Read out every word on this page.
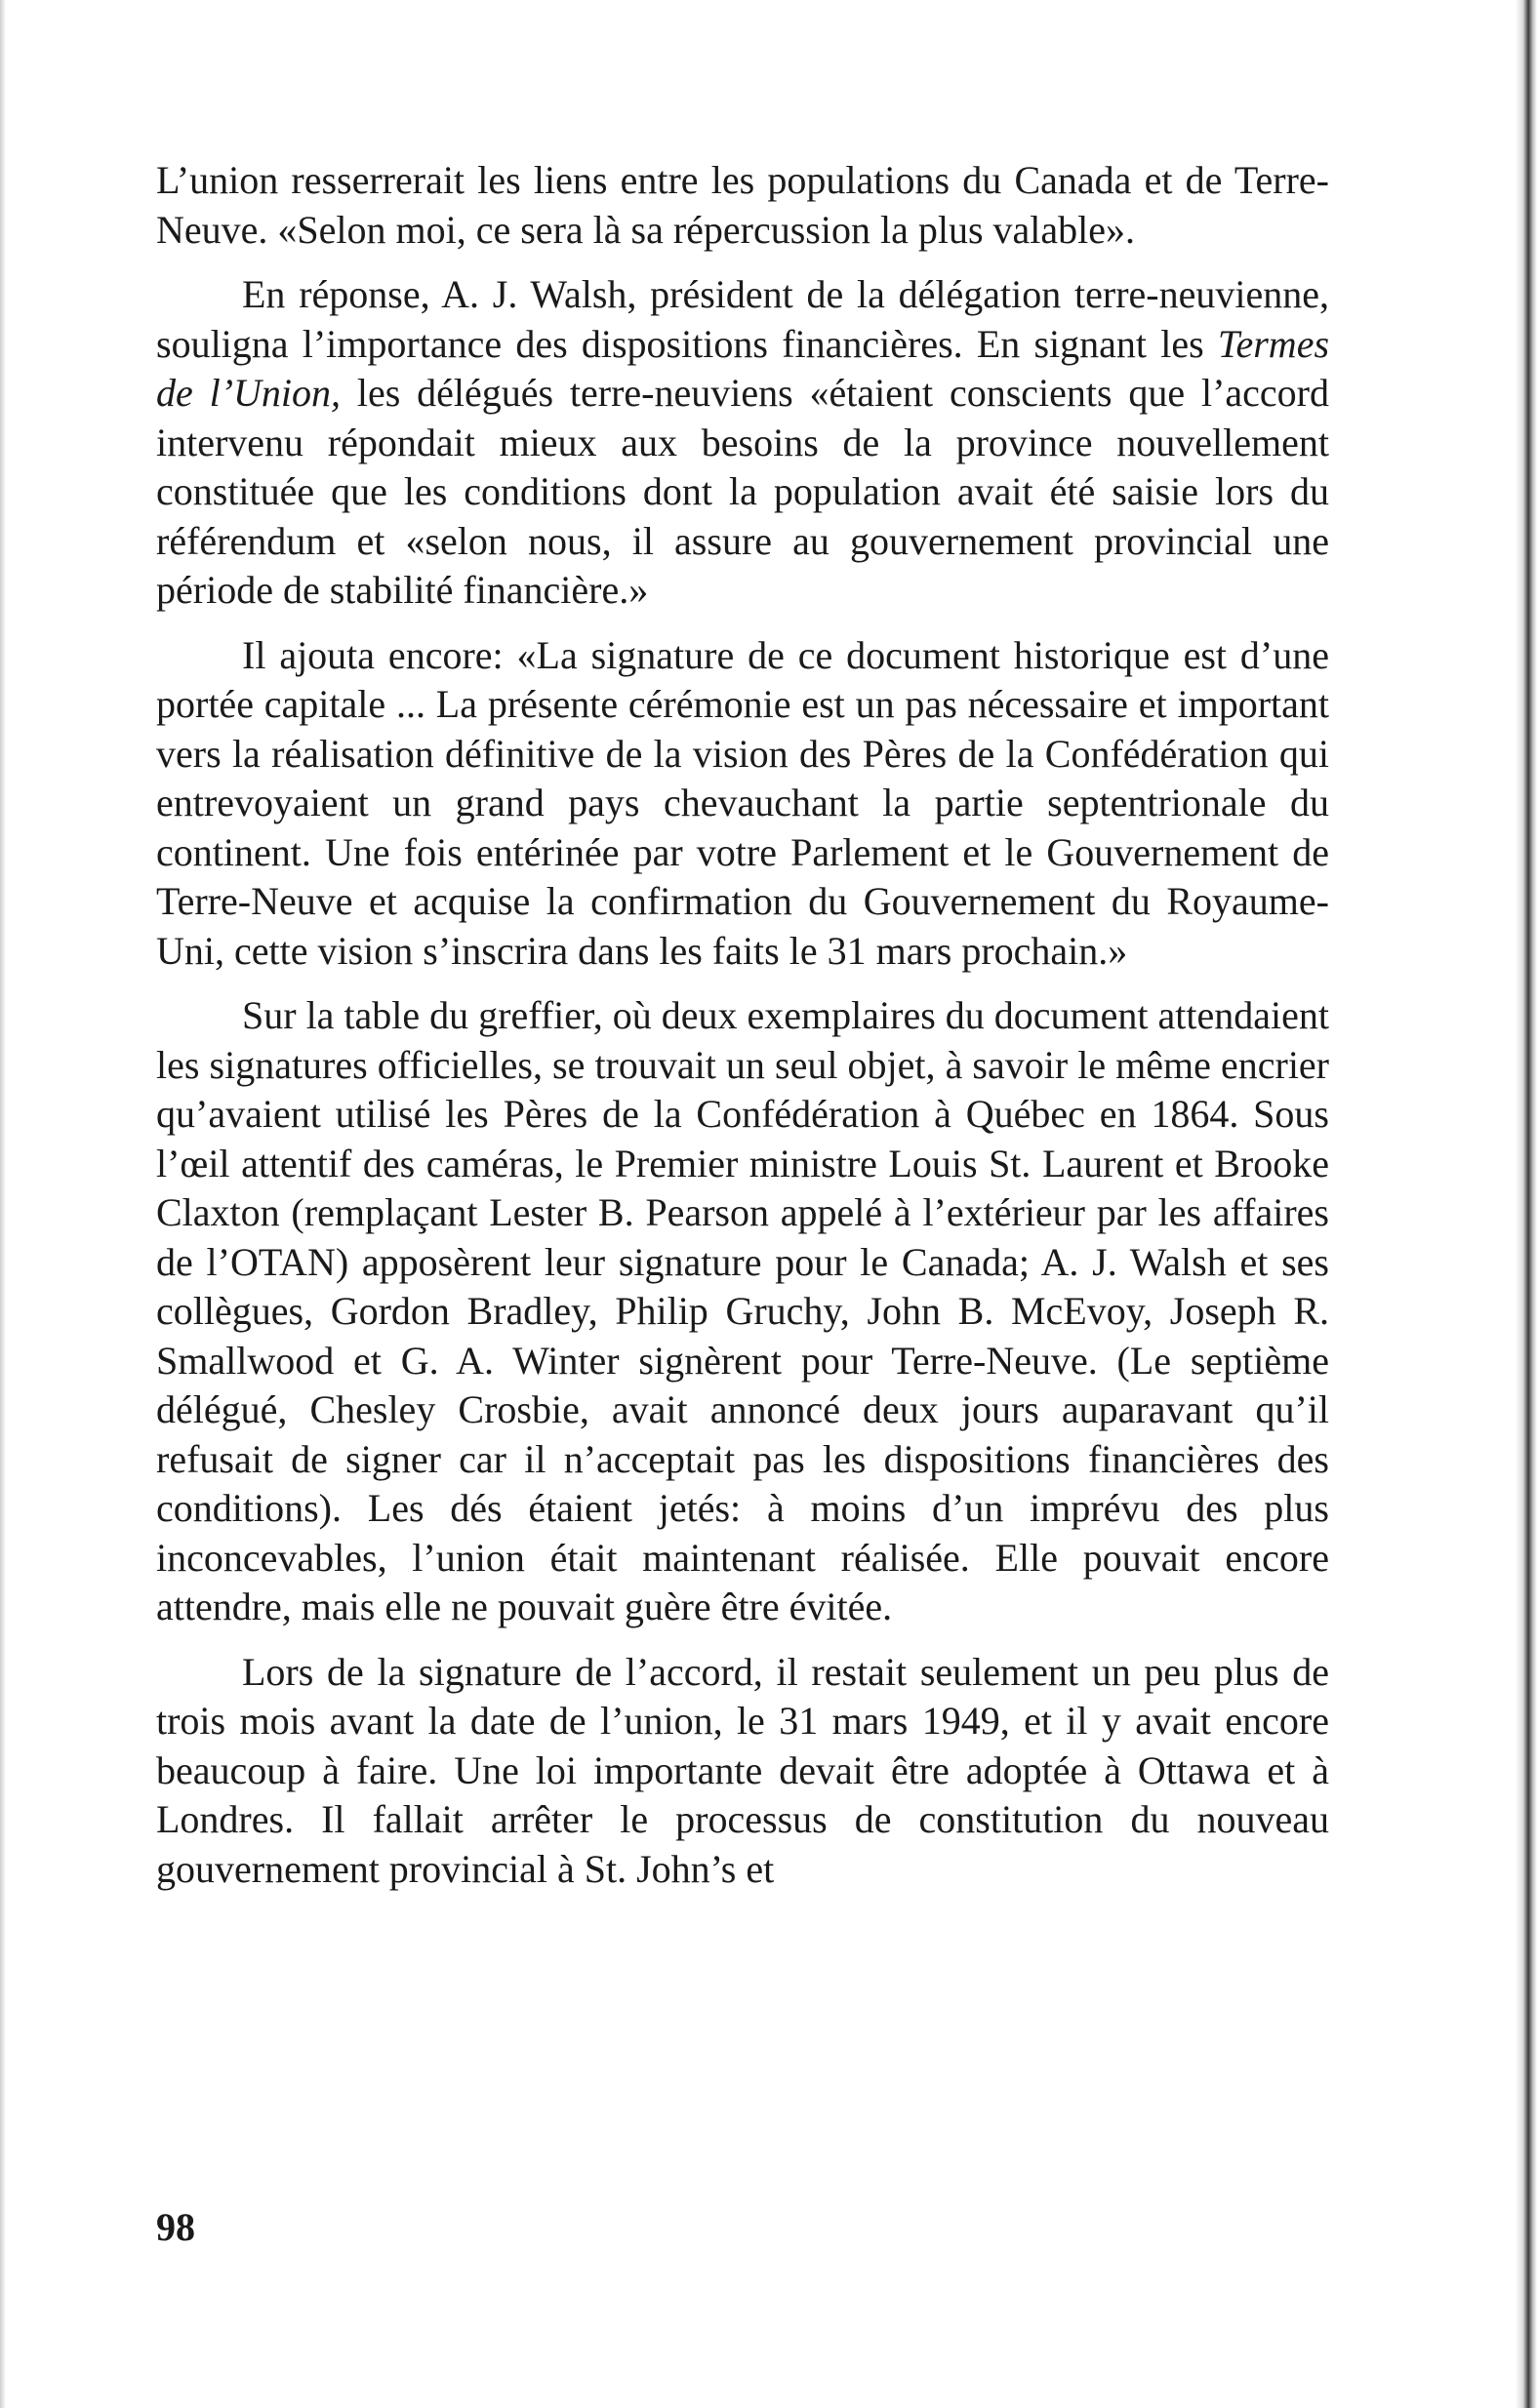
L’union resserrerait les liens entre les populations du Canada et de Terre-Neuve. «Selon moi, ce sera là sa répercussion la plus valable».

En réponse, A. J. Walsh, président de la délégation terre-neuvienne, souligna l’importance des dispositions financières. En signant les Termes de l’Union, les délégués terre-neuviens «étaient conscients que l’accord intervenu répondait mieux aux besoins de la province nouvellement constituée que les conditions dont la population avait été saisie lors du référendum et «selon nous, il assure au gouvernement provincial une période de stabilité financière.»

Il ajouta encore: «La signature de ce document historique est d’une portée capitale ... La présente cérémonie est un pas nécessaire et important vers la réalisation définitive de la vision des Pères de la Confédération qui entrevoyaient un grand pays chevauchant la partie septentrionale du continent. Une fois entérinée par votre Parlement et le Gouvernement de Terre-Neuve et acquise la confirmation du Gouvernement du Royaume-Uni, cette vision s’inscrira dans les faits le 31 mars prochain.»

Sur la table du greffier, où deux exemplaires du document attendaient les signatures officielles, se trouvait un seul objet, à savoir le même encrier qu’avaient utilisé les Pères de la Confédération à Québec en 1864. Sous l’œil attentif des caméras, le Premier ministre Louis St. Laurent et Brooke Claxton (remplaçant Lester B. Pearson appelé à l’extérieur par les affaires de l’OTAN) apposèrent leur signature pour le Canada; A. J. Walsh et ses collègues, Gordon Bradley, Philip Gruchy, John B. McEvoy, Joseph R. Smallwood et G. A. Winter signèrent pour Terre-Neuve. (Le septième délégué, Chesley Crosbie, avait annoncé deux jours auparavant qu’il refusait de signer car il n’acceptait pas les dispositions financières des conditions). Les dés étaient jetés: à moins d’un imprévu des plus inconcevables, l’union était maintenant réalisée. Elle pouvait encore attendre, mais elle ne pouvait guère être évitée.

Lors de la signature de l’accord, il restait seulement un peu plus de trois mois avant la date de l’union, le 31 mars 1949, et il y avait encore beaucoup à faire. Une loi importante devait être adoptée à Ottawa et à Londres. Il fallait arrêter le processus de constitution du nouveau gouvernement provincial à St. John’s et

98
